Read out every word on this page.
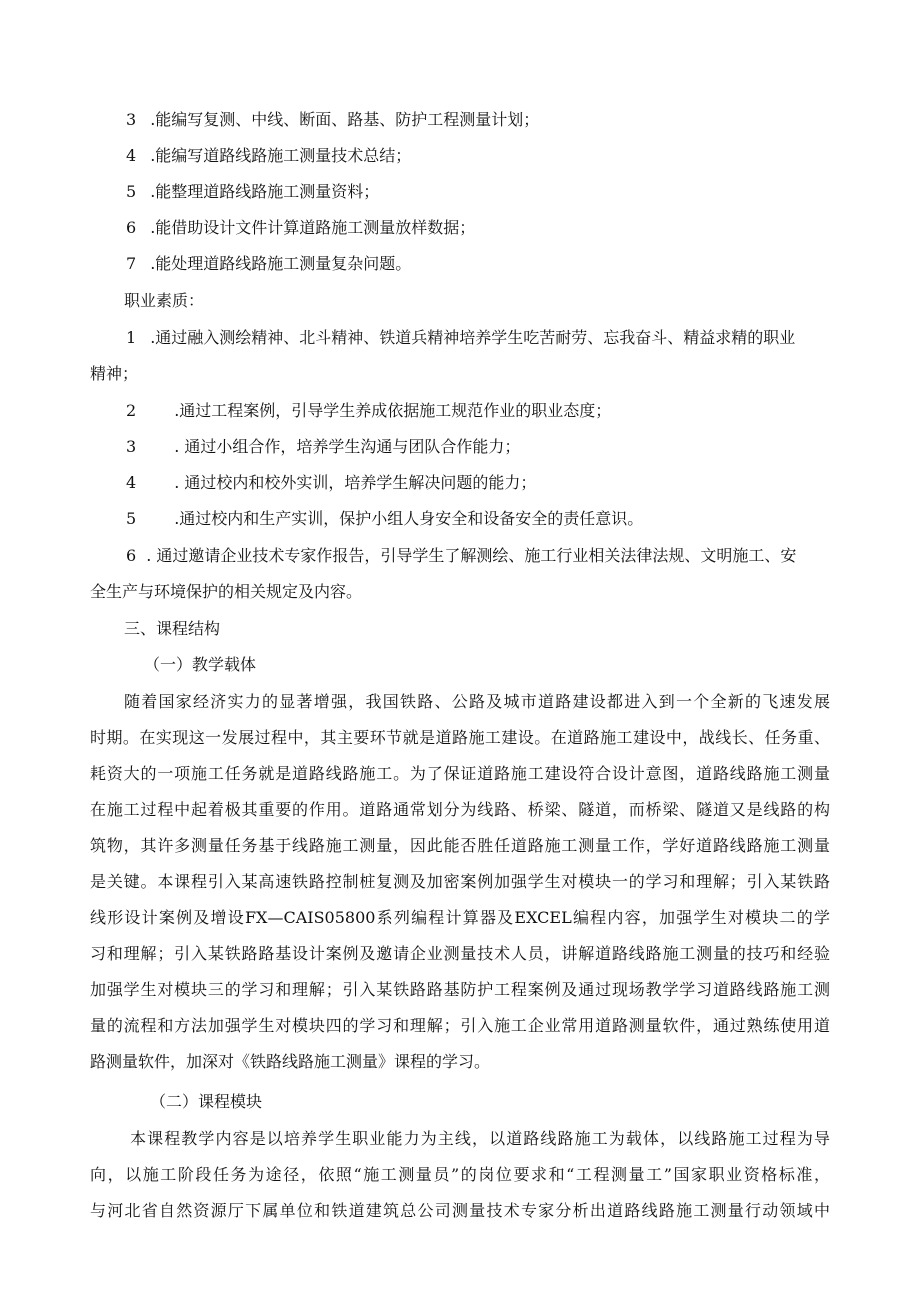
3 .能编写复测、中线、断面、路基、防护工程测量计划；
4 .能编写道路线路施工测量技术总结；
5 .能整理道路线路施工测量资料；
6 .能借助设计文件计算道路施工测量放样数据；
7 .能处理道路线路施工测量复杂问题。
职业素质：
1 .通过融入测绘精神、北斗精神、铁道兵精神培养学生吃苦耐劳、忘我奋斗、精益求精的职业
精神；
2 .通过工程案例，引导学生养成依据施工规范作业的职业态度；
3 . 通过小组合作，培养学生沟通与团队合作能力；
4 . 通过校内和校外实训，培养学生解决问题的能力；
5 .通过校内和生产实训，保护小组人身安全和设备安全的责任意识。
6 . 通过邀请企业技术专家作报告，引导学生了解测绘、施工行业相关法律法规、文明施工、安
全生产与环境保护的相关规定及内容。
三、课程结构
（一）教学载体
随着国家经济实力的显著增强，我国铁路、公路及城市道路建设都进入到一个全新的飞速发展
时期。在实现这一发展过程中，其主要环节就是道路施工建设。在道路施工建设中，战线长、任务重、
耗资大的一项施工任务就是道路线路施工。为了保证道路施工建设符合设计意图，道路线路施工测量
在施工过程中起着极其重要的作用。道路通常划分为线路、桥梁、隧道，而桥梁、隧道又是线路的构
筑物，其许多测量任务基于线路施工测量，因此能否胜任道路施工测量工作，学好道路线路施工测量
是关键。本课程引入某高速铁路控制桩复测及加密案例加强学生对模块一的学习和理解；引入某铁路
线形设计案例及增设FX—CAIS05800系列编程计算器及EXCEL编程内容，加强学生对模块二的学
习和理解；引入某铁路路基设计案例及邀请企业测量技术人员，讲解道路线路施工测量的技巧和经验
加强学生对模块三的学习和理解；引入某铁路路基防护工程案例及通过现场教学学习道路线路施工测
量的流程和方法加强学生对模块四的学习和理解；引入施工企业常用道路测量软件，通过熟练使用道
路测量软件，加深对《铁路线路施工测量》课程的学习。
（二）课程模块
本课程教学内容是以培养学生职业能力为主线，以道路线路施工为载体，以线路施工过程为导
向，以施工阶段任务为途径，依照“施工测量员”的岗位要求和“工程测量工”国家职业资格标准，
与河北省自然资源厅下属单位和铁道建筑总公司测量技术专家分析出道路线路施工测量行动领域中
